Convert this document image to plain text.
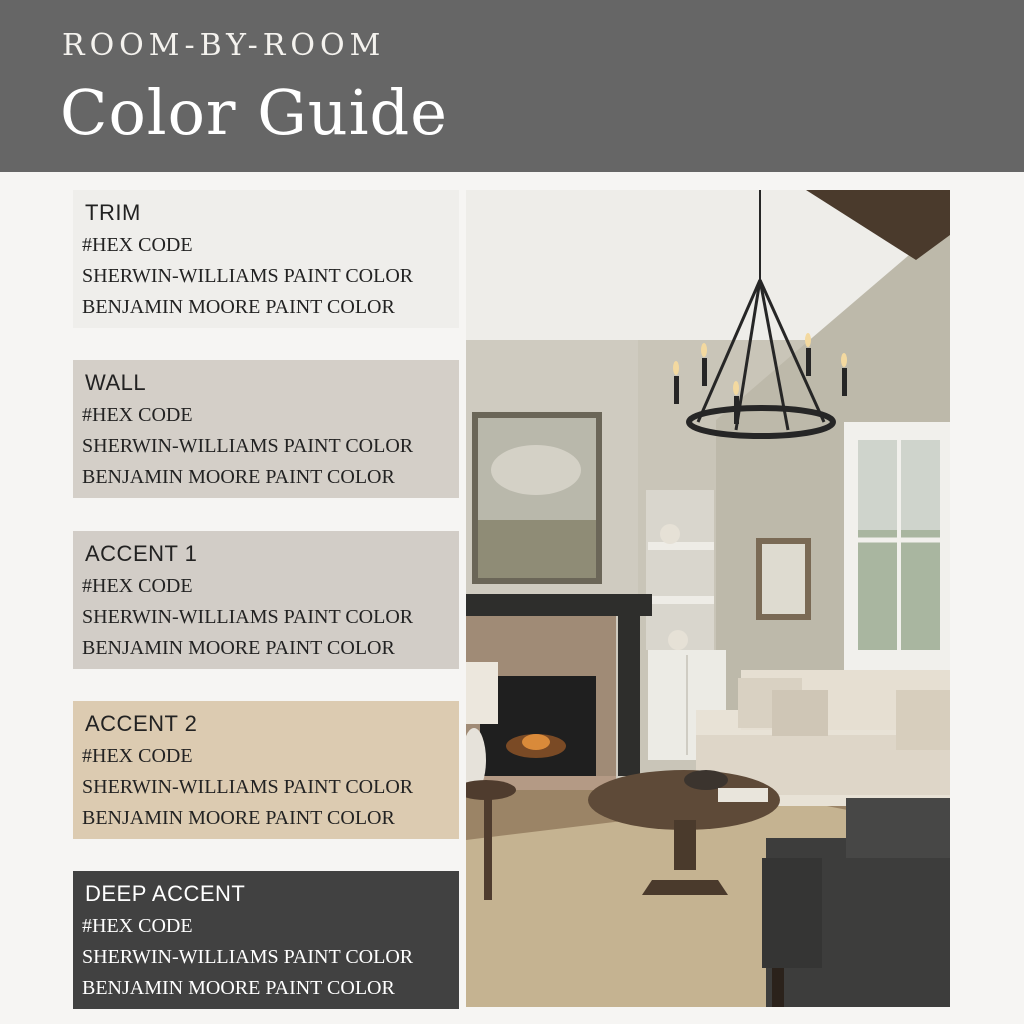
ROOM-BY-ROOM
Color Guide
TRIM
#HEX CODE
SHERWIN-WILLIAMS PAINT COLOR
BENJAMIN MOORE PAINT COLOR
WALL
#HEX CODE
SHERWIN-WILLIAMS PAINT COLOR
BENJAMIN MOORE PAINT COLOR
ACCENT 1
#HEX CODE
SHERWIN-WILLIAMS PAINT COLOR
BENJAMIN MOORE PAINT COLOR
ACCENT 2
#HEX CODE
SHERWIN-WILLIAMS PAINT COLOR
BENJAMIN MOORE PAINT COLOR
DEEP ACCENT
#HEX CODE
SHERWIN-WILLIAMS PAINT COLOR
BENJAMIN MOORE PAINT COLOR
